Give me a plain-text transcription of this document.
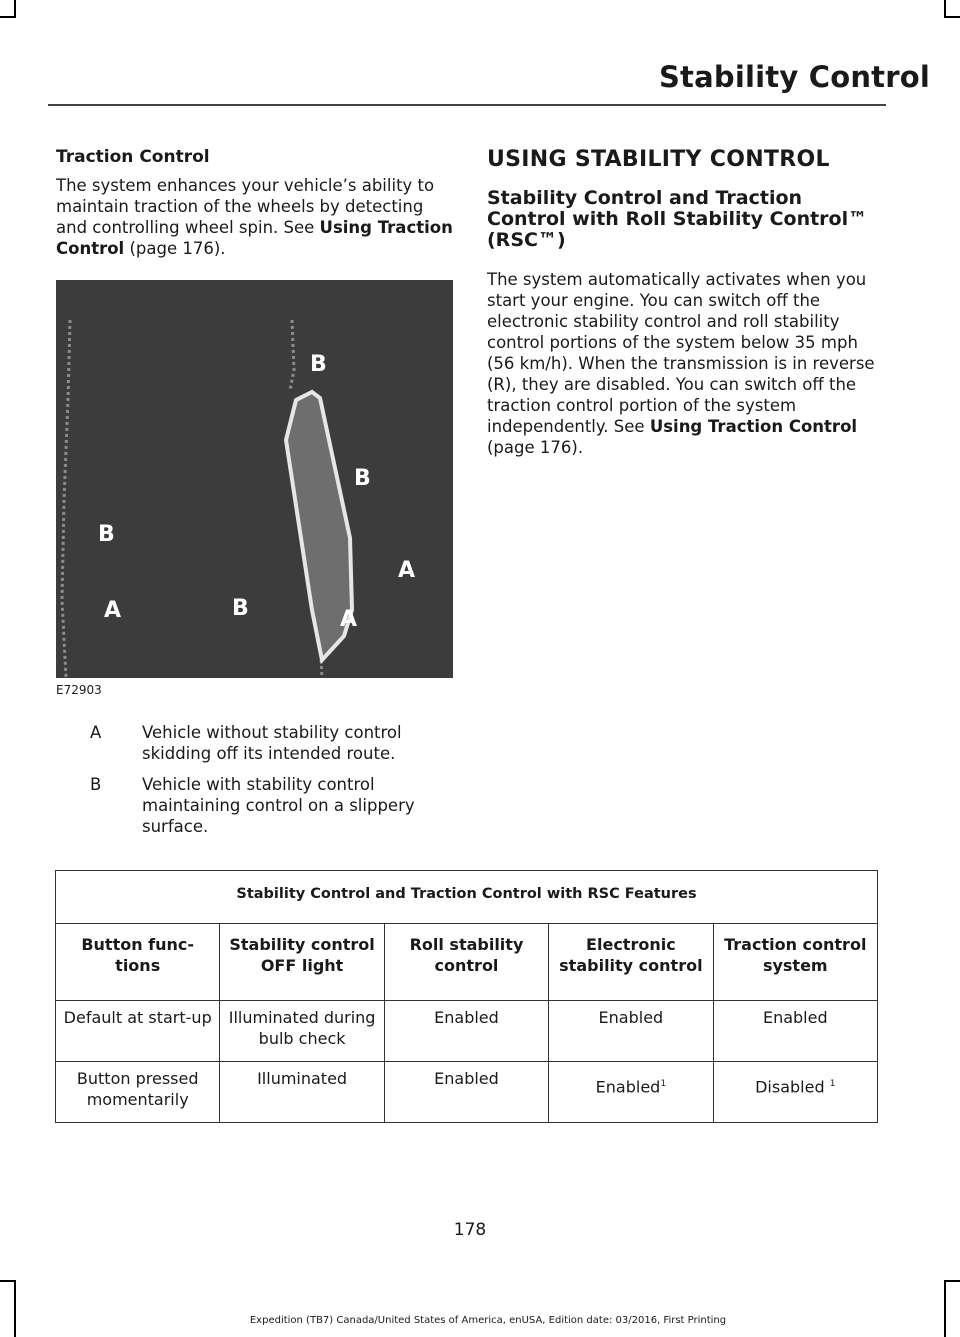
Stability Control

Traction Control

The system enhances your vehicle’s ability to maintain traction of the wheels by detecting and controlling wheel spin. See Using Traction Control (page 176).

B
B
B
A
A	B	A
E72903
A	Vehicle without stability control skidding off its intended route.
B	Vehicle with stability control maintaining control on a slippery surface.

USING STABILITY CONTROL

Stability Control and Traction Control with Roll Stability Control™ (RSC™)

The system automatically activates when you start your engine. You can switch off the electronic stability control and roll stability control portions of the system below 35 mph (56 km/h). When the transmission is in reverse (R), they are disabled. You can switch off the traction control portion of the system independently. See Using Traction Control (page 176).

Stability Control and Traction Control with RSC Features				
Button func-tions	Stability control OFF light	Roll stability control	Electronic stability control	Traction control system
Default at start-up	Illuminated during bulb check	Enabled	Enabled	Enabled
Button pressed momentarily	Illuminated	Enabled	Enabled$^1$	Disabled $^1$
178
Expedition (TB7) Canada/United States of America, enUSA, Edition date: 03/2016, First Printing
